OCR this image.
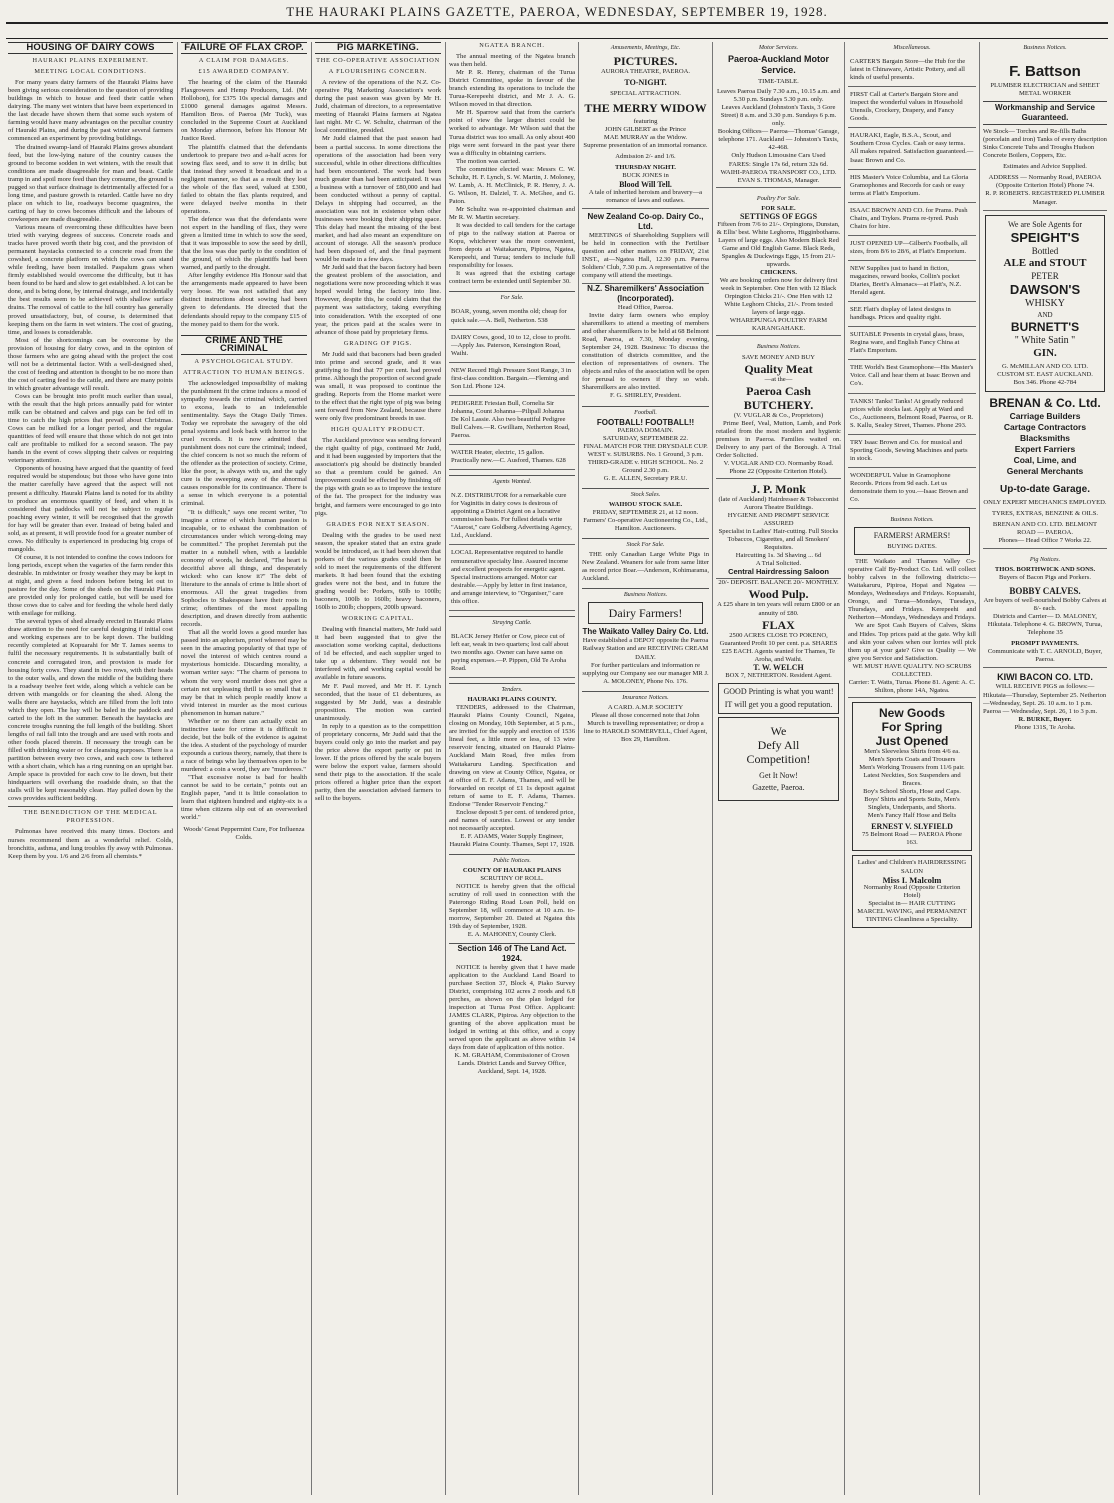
THE HAURAKI PLAINS GAZETTE, PAEROA, WEDNESDAY, SEPTEMBER 19, 1928.
HOUSING OF DAIRY COWS
HAURAKI PLAINS EXPERIMENT.
MEETING LOCAL CONDITIONS.

For many years dairy farmers of the Hauraki Plains have been giving serious consideration to the question of providing buildings in which to house and feed their cattle when dairying. The many wet winters that have been experienced in the last decade have shown them that some such system of farming would have many advantages on the peculiar country of Hauraki Plains, and during the past winter several farmers commenced an experiment by providing buildings.

The drained swamp-land of Hauraki Plains grows abundant feed, but the low-lying nature of the country causes the ground to become sodden in wet winters, with the result that conditions are made disagreeable for man and beast. Cattle tramp in and spoil more feed than they consume, the ground is pugged so that surface drainage is detrimentally affected for a long time, and pasture growth is retarded. Cattle have no dry place on which to lie, roadways become quagmires, the carting of hay to cows becomes difficult and the labours of cowkeepers are made disagreeable.

Various means of overcoming these difficulties have been tried with varying degrees of success. Concrete roads and tracks have proved worth their big cost, and the provision of permanent haystacks connected to a concrete road from the cowshed, a concrete platform on which the cows can stand while feeding, have been installed. Paspalum grass when firmly established would overcome the difficulty, but it has been found to be hard and slow to get established. A lot can be done, and is being done, by internal drainage, and incidentally the best results seem to be achieved with shallow surface drains. The removal of cattle to the hill country has generally proved unsatisfactory, but, of course, is determined that keeping them on the farm in wet winters. The cost of grazing, time, and losses is considerable.

Most of the shortcomings can be overcome by the provision of housing for dairy cows, and in the opinion of those farmers who are going ahead with the project the cost will not be a detrimental factor. With a well-designed shed, the cost of feeding and attention is thought to be no more than the cost of carting feed to the cattle, and there are many points in which greater advantage will result.

Cows can be brought into profit much earlier than usual, with the result that the high prices annually paid for winter milk can be obtained and calves and pigs can be fed off in time to catch the high prices that prevail about Christmas. Cows can be milked for a longer period, and the regular quantities of feed will ensure that those which do not get into calf are profitable to milked for a second season. The pay hands in the event of cows slipping their calves or requiring veterinary attention.

Opponents of housing have argued that the quantity of feed required would be stupendous; but those who have gone into the matter carefully have agreed that the aspect will not present a difficulty. Hauraki Plains land is noted for its ability to produce an enormous quantity of feed, and when it is considered that paddocks will not be subject to regular poaching every winter, it will be recognised that the growth for hay will be greater than ever. Instead of being baled and sold, as at present, it will provide food for a greater number of cows. No difficulty is experienced in producing big crops of mangolds.

Of course, it is not intended to confine the cows indoors for long periods, except when the vagaries of the farm render this desirable. In midwinter or frosty weather they may be kept in at night, and given a feed indoors before being let out to pasture for the day. Some of the sheds on the Hauraki Plains are provided only for prolonged cattle, but will be used for those cows due to calve and for feeding the whole herd daily with ensilage for milking.

The several types of shed already erected in Hauraki Plains draw attention to the need for careful designing if initial cost and working expenses are to be kept down. The building recently completed at Kopuarahi for Mr T. James seems to fulfil the necessary requirements. It is substantially built of concrete and corrugated iron, and provision is made for housing forty cows. They stand in two rows, with their heads to the outer walls, and down the middle of the building there is a roadway twelve feet wide, along which a vehicle can be driven with mangolds or for cleaning the shed. Along the walls there are haystacks, which are filled from the loft into which they open. The hay will be baled in the paddock and carted to the loft in the summer. Beneath the haystacks are concrete troughs running the full length of the building. Short lengths of rail fall into the trough and are used with roots and other foods placed therein. If necessary the trough can be filled with drinking water or for cleansing purposes. There is a partition between every two cows, and each cow is tethered with a short chain, which has a ring running on an upright bar. Ample space is provided for each cow to lie down, but their hindquarters will overhang the roadside drain, so that the stalls will be kept reasonably clean. Hay pulled down by the cows provides sufficient bedding.

THE BENEDICTION OF THE MEDICAL PROFESSION.

Pulmonas have received this many times. Doctors and nurses recommend them as a wonderful relief. Colds, bronchitis, asthma, and lung troubles fly away with Pulmonas. Keep them by you. 1/6 and 2/6 from all chemists.*

FAILURE OF FLAX CROP.
A CLAIM FOR DAMAGES.
£15 AWARDED COMPANY.

The hearing of the claim of the Hauraki Flaxgrowers and Hemp Producers, Ltd. (Mr Hollobon), for £375 10s special damages and £1000 general damages against Messrs. Hamilton Bros. of Paeroa (Mr Tuck), was concluded in the Supreme Court at Auckland on Monday afternoon, before his Honour Mr Justice Reed.

The plaintiffs claimed that the defendants undertook to prepare two and a-half acres for sowing flax seed, and to sow it in drills; but that instead they sowed it broadcast and in a negligent manner, so that as a result they lost the whole of the flax seed, valued at £300, failed to obtain the flax plants required, and were delayed twelve months in their operations.

The defence was that the defendants were not expert in the handling of flax, they were given a limited time in which to sow the seed, that it was impossible to sow the seed by drill, that the loss was due partly to the condition of the ground, of which the plaintiffs had been warned, and partly to the drought.

After lengthy evidence His Honour said that the arrangements made appeared to have been very loose. He was not satisfied that any distinct instructions about sowing had been given to defendants. He directed that the defendants should repay to the company £15 of the money paid to them for the work.

CRIME AND THE CRIMINAL
A PSYCHOLOGICAL STUDY.
ATTRACTION TO HUMAN BEINGS.

The acknowledged impossibility of making the punishment fit the crime induces a mood of sympathy towards the criminal which, carried to excess, leads to an indefensible sentimentality. Says the Otago Daily Times. Today we reprobate the savagery of the old penal systems and look back with horror to the cruel records. It is now admitted that punishment does not cure the criminal; indeed, the chief concern is not so much the reform of the offender as the protection of society. Crime, like the poor, is always with us, and the ugly cure is the sweeping away of the abnormal causes responsible for its continuance. There is a sense in which everyone is a potential criminal.

"It is difficult," says one recent writer, "to imagine a crime of which human passion is incapable, or to exhaust the combination of circumstances under which wrong-doing may be committed." The prophet Jeremiah put the matter in a nutshell when, with a laudable economy of words, he declared, "The heart is deceitful above all things, and desperately wicked: who can know it?" The debt of literature to the annals of crime is little short of enormous. All the great tragedies from Sophocles to Shakespeare have their roots in crime; oftentimes of the most appalling description, and drawn directly from authentic records.

That all the world loves a good murder has passed into an aphorism, proof whereof may be seen in the amazing popularity of that type of novel the interest of which centres round a mysterious homicide. Discarding morality, a woman writer says: "The charm of persons to whom the very word murder does not give a certain not unpleasing thrill is so small that it may be that in which people readily know a vivid interest in murder as the most curious phenomenon in human nature."

Whether or no there can actually exist an instinctive taste for crime it is difficult to decide, but the bulk of the evidence is against the idea. A student of the psychology of murder expounds a curious theory, namely, that there is a race of beings who lay themselves open to be murdered: a coin a word, they are "murderees."

"That excessive noise is bad for health cannot be said to be certain," points out an English paper, "and it is little consolation to learn that eighteen hundred and eighty-six is a time when citizens slip out of an overworked world."

Woods' Great Peppermint Cure, For Influenza Colds.
PIG MARKETING.
THE CO-OPERATIVE ASSOCIATION
A FLOURISHING CONCERN.

A review of the operations of the N.Z. Co-operative Pig Marketing Association's work during the past season was given by Mr H. Judd, chairman of directors, to a representative meeting of Hauraki Plains farmers at Ngatea last night. Mr C. W. Schultz, chairman of the local committee, presided.

Mr Judd claimed that the past season had been a partial success. In some directions the operations of the association had been very successful, while in other directions difficulties had been encountered. The work had been much greater than had been anticipated. It was a business with a turnover of £80,000 and had been conducted without a penny of capital. Delays in shipping had occurred, as the association was not in existence when other businesses were booking their shipping space. This delay had meant the missing of the best market, and had also meant an expenditure on account of storage. All the season's produce had been disposed of, and the final payment would be made in a few days.

Mr Judd said that the bacon factory had been the greatest problem of the association, and negotiations were now proceeding which it was hoped would bring the factory into line. However, despite this, he could claim that the payment was satisfactory, taking everything into consideration. With the excepted of one year, the prices paid at the scales were in advance of those paid by proprietary firms.

GRADING OF PIGS.

Mr Judd said that baconers had been graded into prime and second grade, and it was gratifying to find that 77 per cent. had proved prime. Although the proportion of second grade was small, it was proposed to continue the grading. Reports from the Home market were to the effect that the right type of pig was being sent forward from New Zealand, because there were only five predominant breeds in use.

HIGH QUALITY PRODUCT.

The Auckland province was sending forward the right quality of pigs, continued Mr Judd, and it had been suggested by importers that the association's pig should be distinctly branded so that a premium could be gained. An improvement could be effected by finishing off the pigs with grain so as to improve the texture of the fat. The prospect for the industry was bright, and farmers were encouraged to go into pigs.

GRADES FOR NEXT SEASON.

Dealing with the grades to be used next season, the speaker stated that an extra grade would be introduced, as it had been shown that porkers of the various grades could then be sold to meet the requirements of the different markets. It had been found that the existing grades were not the best, and in future the grading would be: Porkers, 60lb to 100lb; baconers, 100lb to 160lb; heavy baconers, 160lb to 200lb; choppers, 200lb upward.

WORKING CAPITAL.

Dealing with financial matters, Mr Judd said it had been suggested that to give the association some working capital, deductions of 1d be effected, and each supplier urged to take up a debenture. They would not be interfered with, and working capital would be available in future seasons.

Mr F. Paul moved, and Mr H. F. Lynch seconded, that the issue of £1 debentures, as suggested by Mr Judd, was a desirable proposition. The motion was carried unanimously.

In reply to a question as to the competition of proprietary concerns, Mr Judd said that the buyers could only go into the market and pay the price above the export parity or put in lower. If the prices offered by the scale buyers were below the export value, farmers should send their pigs to the association. If the scale prices offered a higher price than the export parity, then the association advised farmers to sell to the buyers.

NGATEA BRANCH.

The annual meeting of the Ngatea branch was then held.

Mr P. R. Henry, chairman of the Turua District Committee, spoke in favour of the branch extending its operations to include the Turua-Kerepeehi district, and Mr J. A. G. Wilson moved in that direction.

Mr H. Sparrow said that from the carrier's point of view the larger district could be worked to advantage. Mr Wilson said that the Turua district was too small. As only about 400 pigs were sent forward in the past year there was a difficulty in obtaining carriers.

The motion was carried.

The committee elected was: Messrs C. W. Schultz, H. F. Lynch, S. W. Martin, J. Moloney, W. Lamb, A. H. McClinick, P. R. Henry, J. A. G. Wilson, H. Dalziel, T. A. McGhee, and G. Paton.

Mr Schultz was re-appointed chairman and Mr R. W. Martin secretary.

It was decided to call tenders for the cartage of pigs to the railway station at Paeroa or Kopu, whichever was the more convenient, from depots at Waitakaruru, Pipiroa, Ngatea, Kerepeehi, and Turua; tenders to include full responsibility for losses.

It was agreed that the existing cartage contract term be extended until September 30.

For Sale.
BOAR, young, seven months old; cheap for quick sale.—A. Bell, Netherton. 538
DAIRY Cows, good, 10 to 12, close to profit.—Apply Jas. Paterson, Kensington Road, Waihi.
NEW Record High Pressure Soot Range, 3 in first-class condition. Bargain.—Fleming and Son Ltd. Phone 124.
PEDIGREE Friesian Bull, Cornelia Sir Johanna, Count Johanna—Pilipall Johanna De Kol Lassie. Also two beautiful Pedigree Bull Calves.—R. Gwilliam, Netherton Road, Paeroa.
WATER Heater, electric, 15 gallon. Practically new.—C. Ausford, Thames. 628
Agents Wanted.
N.Z. DISTRIBUTOR for a remarkable cure for Vaginitis in dairy cows is desirous of appointing a District Agent on a lucrative commission basis. For fullest details write "Atarost," care Goldberg Advertising Agency, Ltd., Auckland.
LOCAL Representative required to handle remunerative specialty line. Assured income and excellent prospects for energetic agent. Special instructions arranged. Motor car desirable.—Apply by letter in first instance, and arrange interview, to "Organiser," care this office.
Straying Cattle.
BLACK Jersey Heifer or Cow, piece cut of left ear, weak in two quarters; lost calf about two months ago. Owner can have same on paying expenses.—P. Pippen, Old Te Aroha Road.
Tenders.
HAURAKI PLAINS COUNTY.

TENDERS, addressed to the Chairman, Hauraki Plains County Council, Ngatea, closing on Monday, 10th September, at 5 p.m., are invited for the supply and erection of 1536 lineal feet, a little more or less, of 13 wire reservoir fencing, situated on Hauraki Plains-Auckland Main Road, five miles from Waitakaruru Landing. Specification and drawing on view at County Office, Ngatea, or at office of E. F. Adams, Thames, and will be forwarded on receipt of £1 1s deposit against return of same to E. F. Adams, Thames. Endorse "Tender Reservoir Fencing."

Enclose deposit 5 per cent. of tendered price, and names of sureties. Lowest or any tender not necessarily accepted.

E. F. ADAMS, Water Supply Engineer, Hauraki Plains County. Thames, Sept 17, 1928.
Public Notices.
COUNTY OF HAURAKI PLAINS
SCRUTINY OF ROLL.

NOTICE is hereby given that the official scrutiny of roll used in connection with the Paterongo Riding Road Loan Poll, held on September 18, will commence at 10 a.m. to-morrow, September 20. Dated at Ngatea this 19th day of September, 1928.

E. A. MAHONEY, County Clerk.
Section 146 of The Land Act. 1924.

NOTICE is hereby given that I have made application to the Auckland Land Board to purchase Section 37, Block 4, Piako Survey District, comprising 102 acres 2 roods and 6.8 perches, as shown on the plan lodged for inspection at Turua Post Office. Applicant: JAMES CLARK, Pipiroa. Any objection to the granting of the above application must be lodged in writing at this office, and a copy served upon the applicant as above within 14 days from date of application of this notice.

K. M. GRAHAM, Commissioner of Crown Lands. District Lands and Survey Office, Auckland, Sept. 14, 1928.
Amusements, Meetings, Etc.
PICTURES.
AURORA THEATRE, PAEROA.
TO-NIGHT.
SPECIAL ATTRACTION.
THE MERRY WIDOW
featuring
JOHN GILBERT as the Prince
MAE MURRAY as the Widow.
Supreme presentation of an immortal romance.
Admission 2/- and 1/6.
THURSDAY NIGHT.
BUCK JONES in
Blood Will Tell.
A tale of inherited heroism and bravery—a romance of laws and outlaws.
New Zealand Co-op. Dairy Co., Ltd.

MEETINGS of Shareholding Suppliers will be held in connection with the Fertiliser question and other matters on FRIDAY, 21st INST., at—Ngatea Hall, 12.30 p.m. Paeroa Soldiers' Club, 7.30 p.m. A representative of the company will attend the meetings.

N.Z. Sharemilkers' Association (Incorporated).
Head Office, Paeroa.

Invite dairy farm owners who employ sharemilkers to attend a meeting of members and other sharemilkers to be held at 68 Belmont Road, Paeroa, at 7.30, Monday evening, September 24, 1928. Business: To discuss the constitution of districts committee, and the election of representatives of owners. The objects and rules of the association will be open for perusal to owners if they so wish. Sharemilkers are also invited.

F. G. SHIRLEY, President.
Football.
FOOTBALL! FOOTBALL!!
PAEROA DOMAIN.
SATURDAY, SEPTEMBER 22.
FINAL MATCH FOR THE DRYSDALE CUP. WEST v. SUBURBS. No. 1 Ground, 3 p.m.
THIRD-GRADE v. HIGH SCHOOL. No. 2 Ground 2.30 p.m.
G. E. ALLEN, Secretary P.R.U.
Stock Sales.
WAIHOU STOCK SALE.
FRIDAY, SEPTEMBER 21, at 12 noon.
Farmers' Co-operative Auctioneering Co., Ltd., Hamilton. Auctioneers.
Stock For Sale.

THE only Canadian Large White Pigs in New Zealand. Weaners for sale from same litter as record price Boar.—Anderson, Kohimarama, Auckland.

Business Notices.
Dairy Farmers!
The Waikato Valley Dairy Co. Ltd.
Have established a DEPOT opposite the Paeroa Railway Station and are RECEIVING CREAM DAILY.
For further particulars and information re supplying our Company see our manager MR J. A. MOLONEY, Phone No. 176.
Insurance Notices.
A CARD. A.M.P. SOCIETY
Please all those concerned note that John Murch is travelling representative; or drop a line to HAROLD SOMERVELL, Chief Agent, Box 29, Hamilton.
Motor Services.
Paeroa-Auckland Motor Service.
TIME-TABLE.
Leaves Paeroa Daily 7.30 a.m., 10.15 a.m. and 5.30 p.m. Sundays 5.30 p.m. only.
Leaves Auckland (Johnston's Taxis, 3 Gore Street) 8 a.m. and 3.30 p.m. Sundays 6 p.m. only.
Booking Offices— Paeroa—Thomas' Garage, telephone 171. Auckland — Johnston's Taxis, 42-468.
Only Hudson Limousine Cars Used
FARES: Single 17s 6d, return 32s 6d.
WAIHI-PAEROA TRANSPORT CO., LTD.
EVAN S. THOMAS, Manager.
Poultry For Sale.
FOR SALE.
SETTINGS OF EGGS
Fifteen from 7/6 to 21/-. Orpingtons, Dunstan, & Ellis' best. White Leghorns, Higginbothams. Layers of large eggs. Also Modern Black Red Game and Old English Game. Black Reds, Spangles & Duckwings Eggs, 15 from 21/- upwards.
CHICKENS.
We are booking orders now for delivery first week in September. One Hen with 12 Black Orpington Chicks 21/-. One Hen with 12 White Leghorn Chicks, 21/-. From tested layers of large eggs.
WHAREPUNGA POULTRY FARM KARANGAHAKE.
Business Notices.
SAVE MONEY AND BUY
Quality Meat
—at the—
Paeroa Cash BUTCHERY.
(V. VUGLAR & Co., Proprietors)

Prime Beef, Veal, Mutton, Lamb, and Pork retailed from the most modern and hygienic premises in Paeroa. Families waited on. Delivery to any part of the Borough. A Trial Order Solicited.

V. VUGLAR AND CO. Normanby Road. Phone 22 (Opposite Criterion Hotel).
J. P. Monk
(late of Auckland) Hairdresser & Tobacconist Aurora Theatre Buildings.
HYGIENE AND PROMPT SERVICE ASSURED
Specialist in Ladies' Hair-cutting. Full Stocks Tobaccos, Cigarettes, and all Smokers' Requisites.
Haircutting 1s. 3d Shaving ... 6d
A Trial Solicited.
Central Hairdressing Saloon
20/- DEPOSIT. BALANCE 20/- MONTHLY.
Wood Pulp.
A £25 share in ten years will return £800 or an annuity of £80.
FLAX
2500 ACRES CLOSE TO POKENO, Guaranteed Profit 10 per cent. p.a. SHARES £25 EACH. Agents wanted for Thames, Te Aroha, and Waihi.
T. W. WELCH
BOX 7, NETHERTON. Resident Agent.
GOOD Printing is what you want!
IT will get you a good reputation.
We
Defy All
Competition!
Get It Now!
Gazette, Paeroa.
Miscellaneous.
CARTER'S Bargain Store—the Hub for the latest in Chinaware, Artistic Pottery, and all kinds of useful presents.
FIRST Call at Carter's Bargain Store and inspect the wonderful values in Household Utensils, Crockery, Drapery, and Fancy Goods.
HAURAKI, Eagle, B.S.A., Scout, and Southern Cross Cycles. Cash or easy terms. All makes repaired. Satisfaction guaranteed.—Isaac Brown and Co.
HIS Master's Voice Columbia, and La Gloria Gramophones and Records for cash or easy terms at Flatt's Emporium.
ISAAC BROWN AND CO. for Prams. Push Chairs, and Trykes. Prams re-tyred. Push Chairs for hire.
JUST OPENED UP—Gilbert's Footballs, all sizes, from 8/6 to 28/6, at Flatt's Emporium.
NEW Supplies just to hand in fiction, magazines, reward books, Collin's pocket Diaries, Brett's Almanacs—at Flatt's, N.Z. Herald agent.
SEE Flatt's display of latest designs in handbags. Prices and quality right.
SUITABLE Presents in crystal glass, brass, Regina ware, and English Fancy China at Flatt's Emporium.
THE World's Best Gramophone—His Master's Voice. Call and hear them at Isaac Brown and Co's.
TANKS! Tanks! Tanks! At greatly reduced prices while stocks last. Apply at Ward and Co., Auctioneers, Belmont Road, Paeroa, or R. S. Kallu, Sealey Street, Thames. Phone 293.
TRY Isaac Brown and Co. for musical and Sporting Goods, Sewing Machines and parts in stock.
WONDERFUL Value in Gramophone Records. Prices from 9d each. Let us demonstrate them to you.—Isaac Brown and Co.
Business Notices.
FARMERS! ARMERS!
BUYING DATES.

THE Waikato and Thames Valley Co-operative Calf By-Product Co. Ltd. will collect bobby calves in the following districts:—Waitakaruru, Pipiroa, Hopai and Ngatea — Mondays, Wednesdays and Fridays. Kopuarahi, Orongo, and Turua—Mondays, Tuesdays, Thursdays, and Fridays. Kerepeehi and Netherton—Mondays, Wednesdays and Fridays.

We are Spot Cash Buyers of Calves, Skins and Hides. Top prices paid at the gate. Why kill and skin your calves when our lorries will pick them up at your gate? Give us Quality — We give you Service and Satisfaction.

WE MUST HAVE QUALITY. NO SCRUBS COLLECTED.
Carrier: T. Watts, Turua. Phone 81. Agent: A. C. Shilton, phone 14A, Ngatea.
New Goods
For Spring
Just Opened
Men's Sleeveless Shirts from 4/6 ea.
Men's Sports Coats and Trousers
Men's Working Trousers from 11/6 pair.
Latest Neckties, Sox Suspenders and Braces.
Boy's School Shorts, Hose and Caps.
Boys' Shirts and Sports Suits, Men's Singlets, Underpants, and Shorts.
Men's Fancy Half Hose and Belts
ERNEST V. SLYFIELD
75 Belmont Road — PAEROA Phone 163.
Ladies' and Children's HAIRDRESSING SALON
Miss I. Malcolm
Normanby Road (Opposite Criterion Hotel)
Specialist in— HAIR CUTTING MARCEL WAVING, and PERMANENT TINTING Cleanliness a Speciality.
Business Notices.
F. Battson
PLUMBER ELECTRICIAN and SHEET METAL WORKER
Workmanship and Service Guaranteed.
We Stock— Torches and Re-fills Baths (porcelain and iron) Tanks of every description Sinks Concrete Tubs and Troughs Hudson Concrete Boilers, Coppers, Etc.
Estimates and Advice Supplied.
ADDRESS — Normanby Road, PAEROA (Opposite Criterion Hotel) Phone 74.
R. P. ROBERTS. REGISTERED PLUMBER Manager.
We are Sole Agents for
SPEIGHT'S
Bottled
ALE and STOUT
PETER
DAWSON'S
WHISKY
AND
BURNETT'S
" White Satin "
GIN.
G. McMILLAN AND CO. LTD.
CUSTOM ST. EAST AUCKLAND.
Box 346. Phone 42-784
BRENAN & Co. Ltd.
Carriage Builders
Cartage Contractors
Blacksmiths
Expert Farriers
Coal, Lime, and
General Merchants
Up-to-date Garage.
ONLY EXPERT MECHANICS EMPLOYED.
TYRES, EXTRAS, BENZINE & OILS.
BRENAN AND CO. LTD. BELMONT ROAD — PAEROA.
Phones— Head Office 7 Works 22.
Pig Notices.
THOS. BORTHWICK AND SONS.
Buyers of Bacon Pigs and Porkers.
BOBBY CALVES.
Are buyers of well-nourished Bobby Calves at 8/- each.
Districts and Carrier— D. MALONEY, Hikutaia. Telephone 4. G. BROWN, Turua, Telephone 35
PROMPT PAYMENTS.
Communicate with T. C. ARNOLD, Buyer, Paeroa.
KIWI BACON CO. LTD.
WILL RECEIVE PIGS as follows:—
Hikutaia—Thursday, September 25. Netherton—Wednesday, Sept. 26. 10 a.m. to 1 p.m. Paeroa — Wednesday, Sept. 26, 1 to 3 p.m.
R. BURKE, Buyer.
Phone 131S, Te Aroha.
